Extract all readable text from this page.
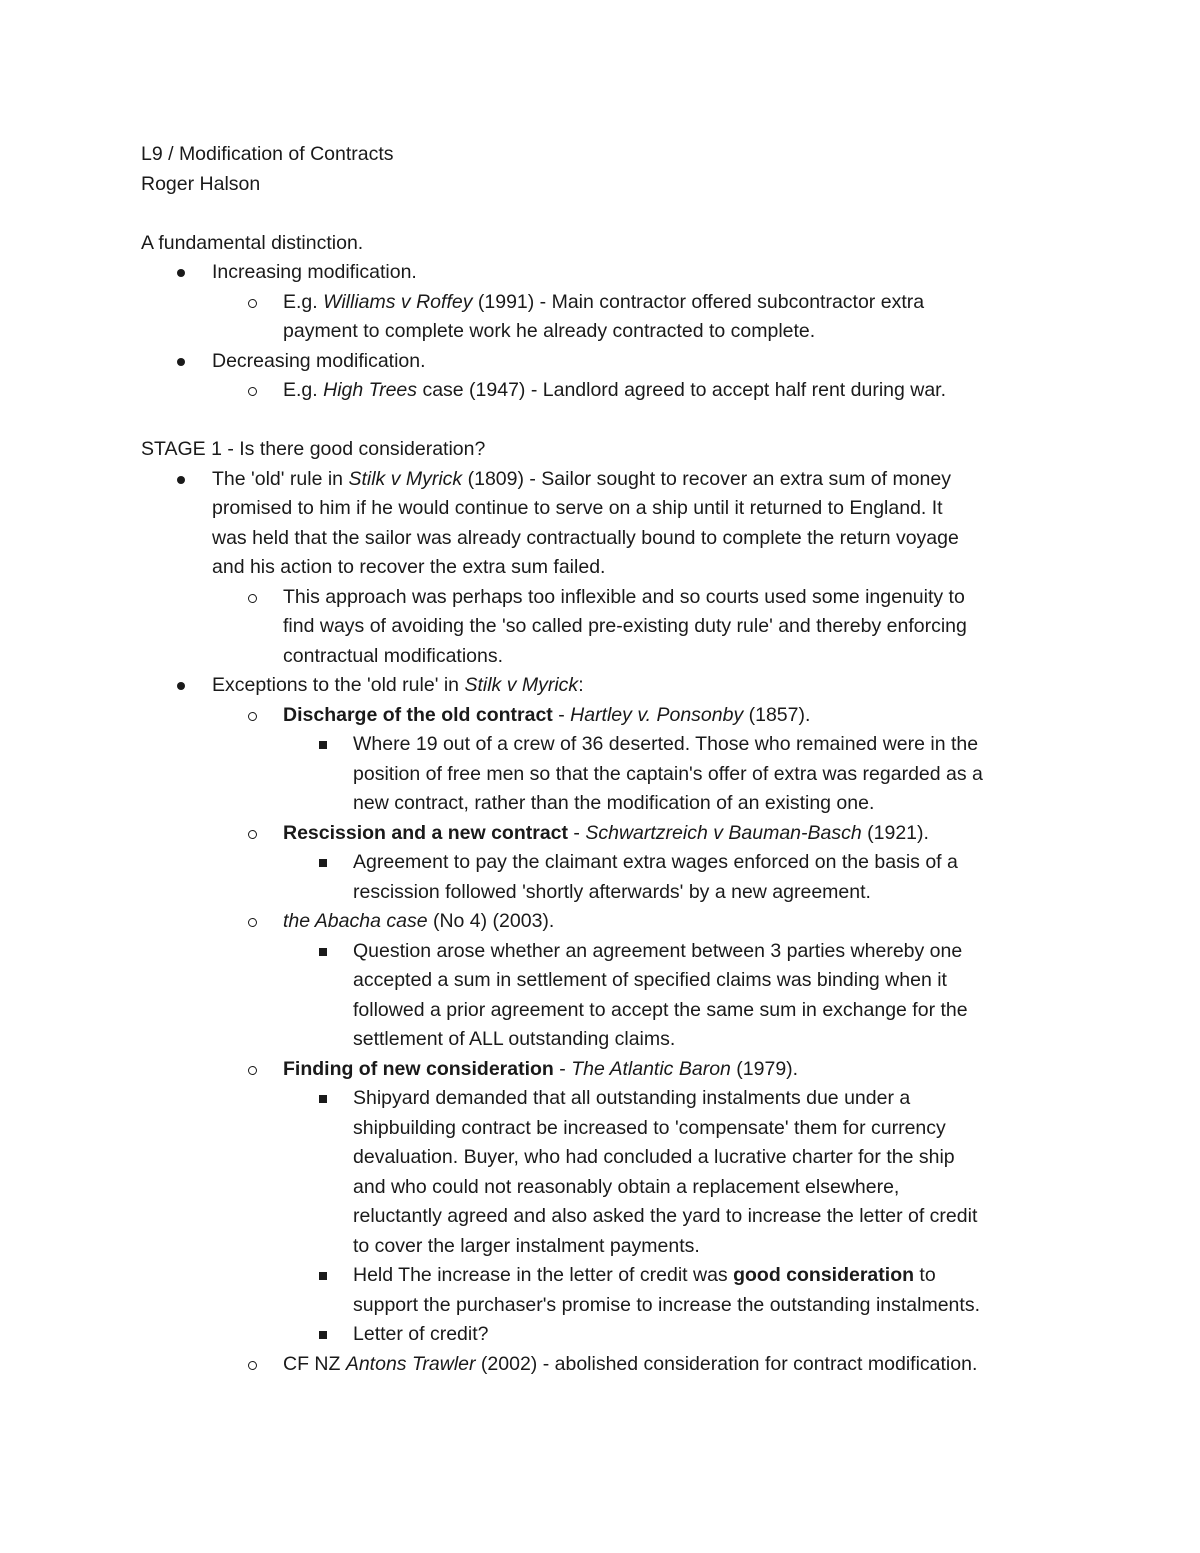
L9 / Modification of Contracts
Roger Halson
A fundamental distinction.
Increasing modification.
E.g. Williams v Roffey (1991) - Main contractor offered subcontractor extra
payment to complete work he already contracted to complete.
Decreasing modification.
E.g. High Trees case (1947) - Landlord agreed to accept half rent during war.
STAGE 1 - Is there good consideration?
The 'old' rule in Stilk v Myrick (1809) - Sailor sought to recover an extra sum of money
promised to him if he would continue to serve on a ship until it returned to England. It
was held that the sailor was already contractually bound to complete the return voyage
and his action to recover the extra sum failed.
This approach was perhaps too inflexible and so courts used some ingenuity to
find ways of avoiding the 'so called pre-existing duty rule' and thereby enforcing
contractual modifications.
Exceptions to the 'old rule' in Stilk v Myrick:
Discharge of the old contract - Hartley v. Ponsonby (1857).
Where 19 out of a crew of 36 deserted. Those who remained were in the
position of free men so that the captain's offer of extra was regarded as a
new contract, rather than the modification of an existing one.
Rescission and a new contract - Schwartzreich v Bauman-Basch (1921).
Agreement to pay the claimant extra wages enforced on the basis of a
rescission followed 'shortly afterwards' by a new agreement.
the Abacha case (No 4) (2003).
Question arose whether an agreement between 3 parties whereby one
accepted a sum in settlement of specified claims was binding when it
followed a prior agreement to accept the same sum in exchange for the
settlement of ALL outstanding claims.
Finding of new consideration - The Atlantic Baron (1979).
Shipyard demanded that all outstanding instalments due under a
shipbuilding contract be increased to 'compensate' them for currency
devaluation. Buyer, who had concluded a lucrative charter for the ship
and who could not reasonably obtain a replacement elsewhere,
reluctantly agreed and also asked the yard to increase the letter of credit
to cover the larger instalment payments.
Held The increase in the letter of credit was good consideration to
support the purchaser's promise to increase the outstanding instalments.
Letter of credit?
CF NZ Antons Trawler (2002) - abolished consideration for contract modification.
